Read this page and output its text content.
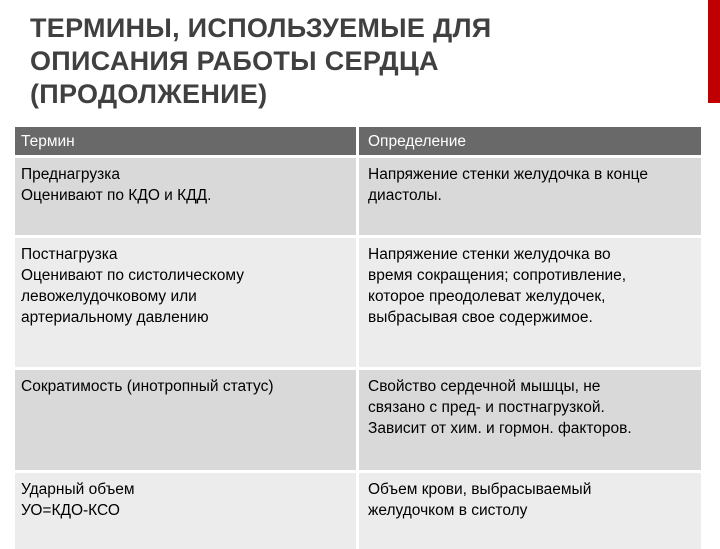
ТЕРМИНЫ, ИСПОЛЬЗУЕМЫЕ ДЛЯ
ОПИСАНИЯ РАБОТЫ СЕРДЦА
(ПРОДОЛЖЕНИЕ)
Термин	Определение

Преднагрузка
Оценивают по КДО и КДД.	Напряжение стенки желудочка в конце
диастолы.

Постнагрузка
Оценивают по систолическому
левожелудочковому или
артериальному давлению	Напряжение стенки желудочка во
время сокращения; сопротивление,
которое преодолеват желудочек,
выбрасывая свое содержимое.

Сократимость (инотропный статус)	Свойство сердечной мышцы, не
связано с пред- и постнагрузкой.
Зависит от хим. и гормон. факторов.

Ударный объем
УО=КДО-КСО	Объем крови, выбрасываемый
желудочком в систолу
